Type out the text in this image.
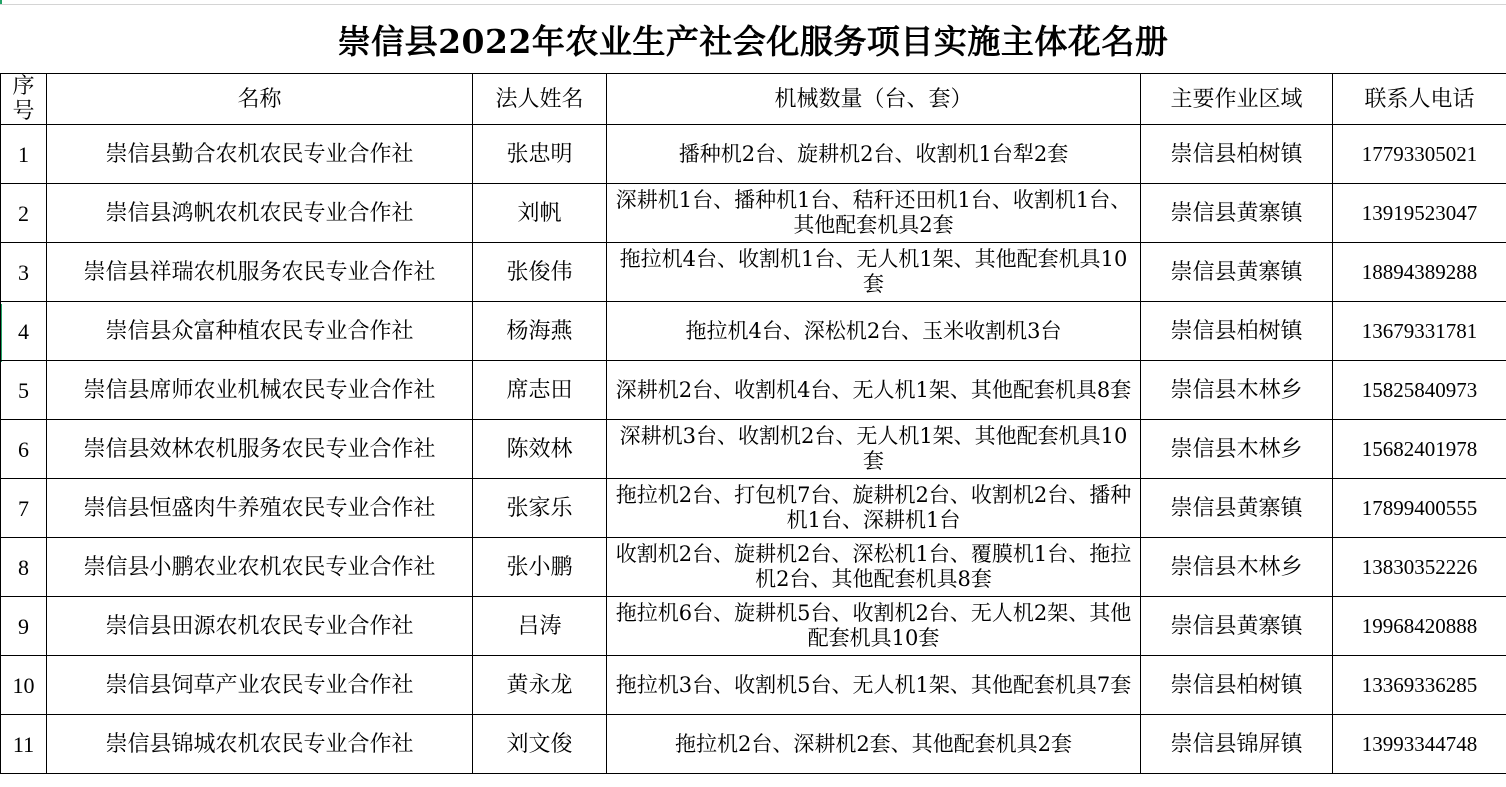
崇信县2022年农业生产社会化服务项目实施主体花名册
序号	名称	法人姓名	机械数量（台、套）	主要作业区域	联系人电话
1	崇信县勤合农机农民专业合作社	张忠明	播种机2台、旋耕机2台、收割机1台犁2套	崇信县柏树镇	17793305021
2	崇信县鸿帆农机农民专业合作社	刘帆	深耕机1台、播种机1台、秸秆还田机1台、收割机1台、其他配套机具2套	崇信县黄寨镇	13919523047
3	崇信县祥瑞农机服务农民专业合作社	张俊伟	拖拉机4台、收割机1台、无人机1架、其他配套机具10套	崇信县黄寨镇	18894389288
4	崇信县众富种植农民专业合作社	杨海燕	拖拉机4台、深松机2台、玉米收割机3台	崇信县柏树镇	13679331781
5	崇信县席师农业机械农民专业合作社	席志田	深耕机2台、收割机4台、无人机1架、其他配套机具8套	崇信县木林乡	15825840973
6	崇信县效林农机服务农民专业合作社	陈效林	深耕机3台、收割机2台、无人机1架、其他配套机具10套	崇信县木林乡	15682401978
7	崇信县恒盛肉牛养殖农民专业合作社	张家乐	拖拉机2台、打包机7台、旋耕机2台、收割机2台、播种机1台、深耕机1台	崇信县黄寨镇	17899400555
8	崇信县小鹏农业农机农民专业合作社	张小鹏	收割机2台、旋耕机2台、深松机1台、覆膜机1台、拖拉机2台、其他配套机具8套	崇信县木林乡	13830352226
9	崇信县田源农机农民专业合作社	吕涛	拖拉机6台、旋耕机5台、收割机2台、无人机2架、其他配套机具10套	崇信县黄寨镇	19968420888
10	崇信县饲草产业农民专业合作社	黄永龙	拖拉机3台、收割机5台、无人机1架、其他配套机具7套	崇信县柏树镇	13369336285
11	崇信县锦城农机农民专业合作社	刘文俊	拖拉机2台、深耕机2套、其他配套机具2套	崇信县锦屏镇	13993344748
